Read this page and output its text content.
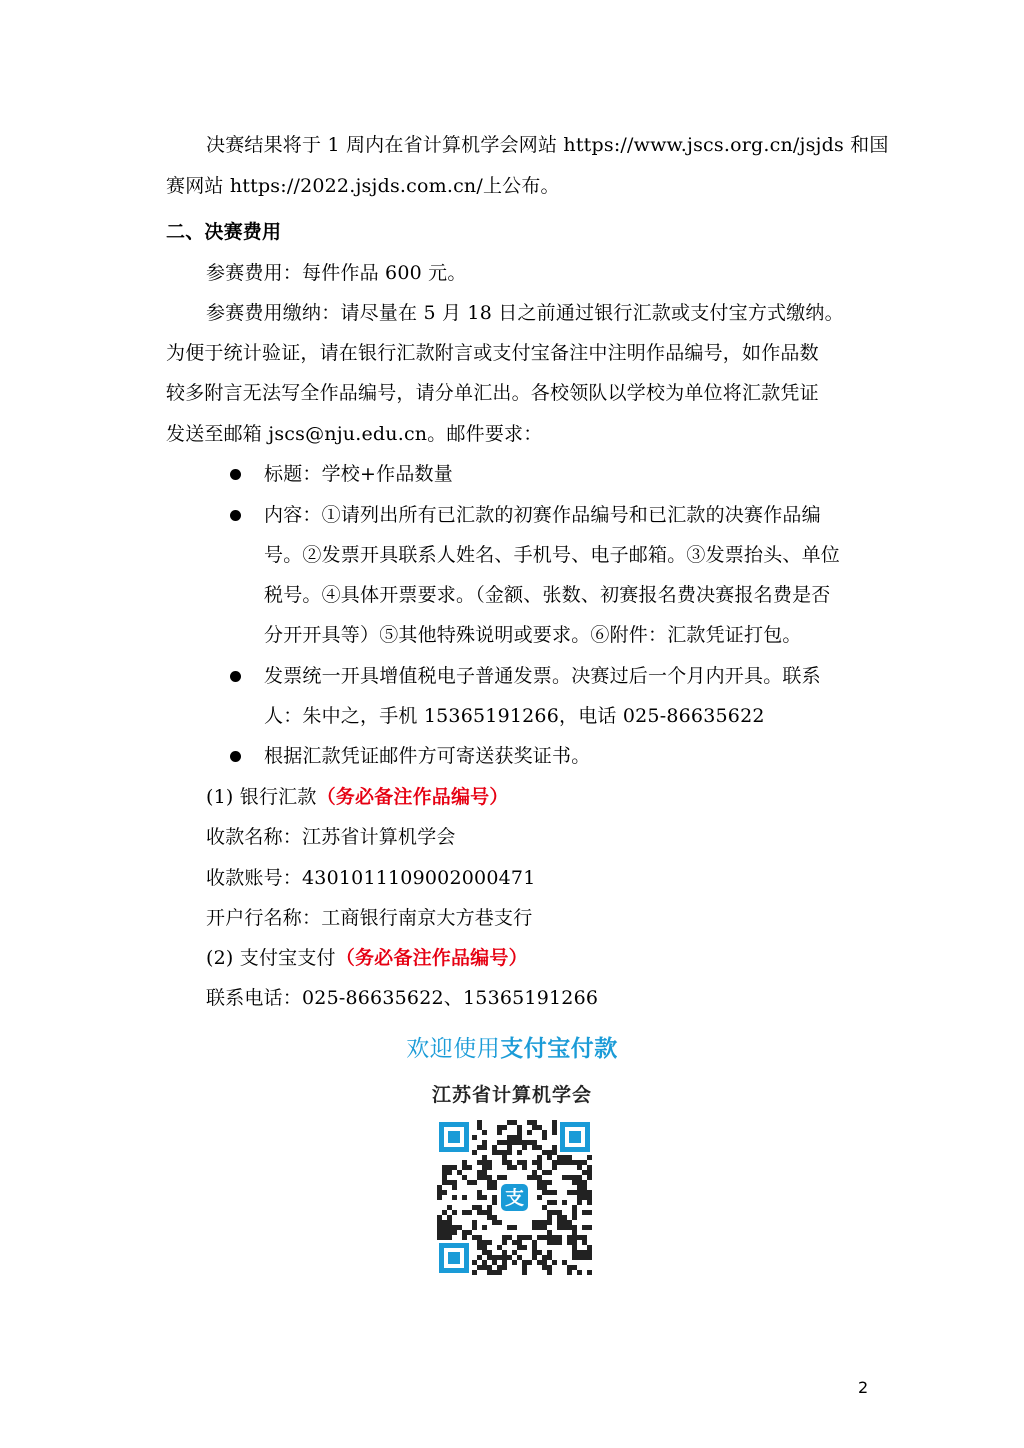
决赛结果将于 1 周内在省计算机学会网站 https://www.jscs.org.cn/jsjds 和国
赛网站 https://2022.jsjds.com.cn/上公布。
二、决赛费用
参赛费用：每件作品 600 元。
参赛费用缴纳：请尽量在 5 月 18 日之前通过银行汇款或支付宝方式缴纳。
为便于统计验证，请在银行汇款附言或支付宝备注中注明作品编号，如作品数
较多附言无法写全作品编号，请分单汇出。各校领队以学校为单位将汇款凭证
发送至邮箱 jscs@nju.edu.cn。邮件要求：
标题：学校+作品数量
内容：①请列出所有已汇款的初赛作品编号和已汇款的决赛作品编
号。②发票开具联系人姓名、手机号、电子邮箱。③发票抬头、单位
税号。④具体开票要求。（金额、张数、初赛报名费决赛报名费是否
分开开具等）⑤其他特殊说明或要求。⑥附件：汇款凭证打包。
发票统一开具增值税电子普通发票。决赛过后一个月内开具。联系
人：朱中之，手机 15365191266，电话 025-86635622
根据汇款凭证邮件方可寄送获奖证书。
(1) 银行汇款（务必备注作品编号）
收款名称：江苏省计算机学会
收款账号：4301011109002000471
开户行名称：工商银行南京大方巷支行
(2) 支付宝支付（务必备注作品编号）
联系电话：025-86635622、15365191266
欢迎使用支付宝付款
江苏省计算机学会
支
2
